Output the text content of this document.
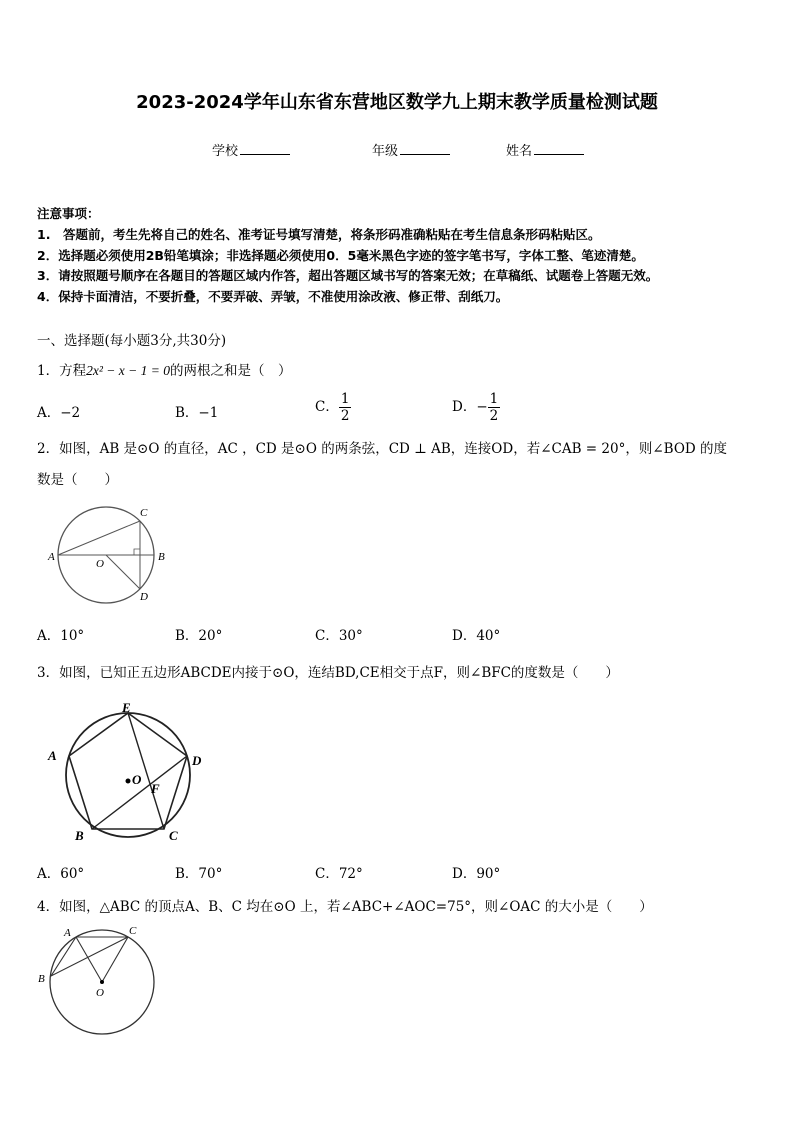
2023-2024学年山东省东营地区数学九上期末教学质量检测试题
学校	年级	姓名
注意事项：
1.　答题前，考生先将自己的姓名、准考证号填写清楚，将条形码准确粘贴在考生信息条形码粘贴区。
2．选择题必须使用2B铅笔填涂；非选择题必须使用0．5毫米黑色字迹的签字笔书写，字体工整、笔迹清楚。
3．请按照题号顺序在各题目的答题区域内作答，超出答题区域书写的答案无效；在草稿纸、试题卷上答题无效。
4．保持卡面清洁，不要折叠，不要弄破、弄皱，不准使用涂改液、修正带、刮纸刀。
一、选择题(每小题3分,共30分)
1．方程2x² − x − 1 = 0的两根之和是（　）
A．−2	B．−1	C． $\frac{1}{2}$	D．− $\frac{1}{2}$
2．如图，AB 是⊙O 的直径，AC ，CD 是⊙O 的两条弦，CD ⊥ AB，连接OD，若∠CAB = 20°，则∠BOD 的度
数是（　　）
A	B
C
D
O
A．10°	B．20°	C．30°	D．40°
3．如图，已知正五边形ABCDE内接于⊙O，连结BD,CE相交于点F，则∠BFC的度数是（　　）
E
A	D
B	C
O
F
A．60°	B．70°	C．72°	D．90°
4．如图，△ABC 的顶点A、B、C 均在⊙O 上，若∠ABC+∠AOC=75°，则∠OAC 的大小是（　　）
A	C
B
O
